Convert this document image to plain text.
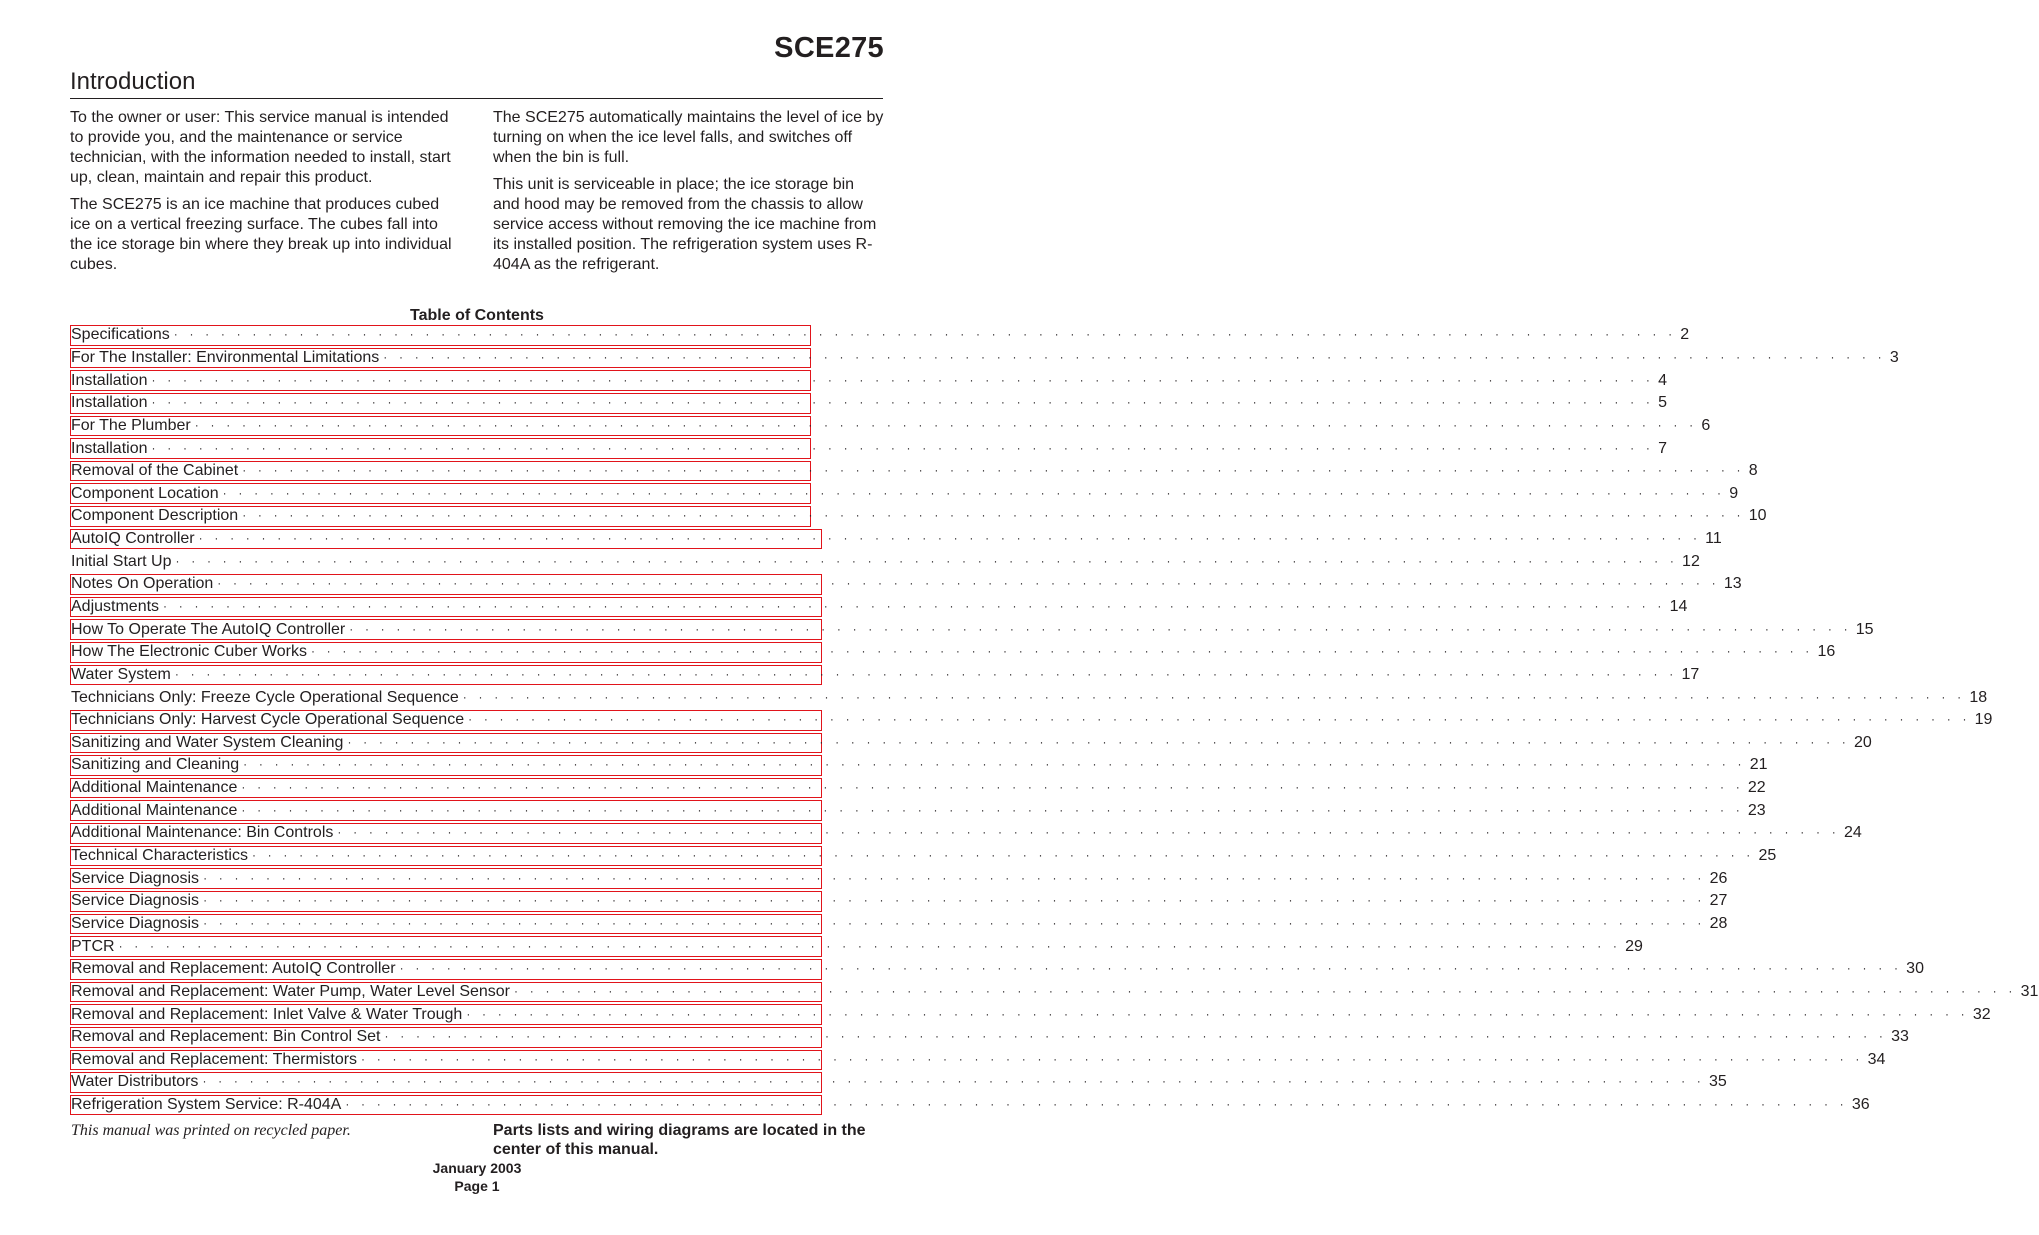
SCE275
Introduction

To the owner or user: This service manual is intended to provide you, and the maintenance or service technician, with the information needed to install, start up, clean, maintain and repair this product.

The SCE275 is an ice machine that produces cubed ice on a vertical freezing surface. The cubes fall into the ice storage bin where they break up into individual cubes.

The SCE275 automatically maintains the level of ice by turning on when the ice level falls, and switches off when the bin is full.

This unit is serviceable in place; the ice storage bin and hood may be removed from the chassis to allow service access without removing the ice machine from its installed position. The refrigeration system uses R-404A as the refrigerant.

Table of Contents
Specifications · · · · · · · · · · · · · · · · · · · · · · · · · · · · · · · · · · · · · · · · · · · · · · · · · · · · · · · · · · · · · · · · · · · · · · · · · · · · · · · · · · · · · · · · · · · · · · · · 2
For The Installer: Environmental Limitations · · · · · · · · · · · · · · · · · · · · · · · · · · · · · · · · · · · · · · · · · · · · · · · · · · · · · · · · · · · · · · · · · · · · · · · · · · · · · · · · · · · · · · · · · · · · · · · · 3
Installation · · · · · · · · · · · · · · · · · · · · · · · · · · · · · · · · · · · · · · · · · · · · · · · · · · · · · · · · · · · · · · · · · · · · · · · · · · · · · · · · · · · · · · · · · · · · · · · · 4
Installation · · · · · · · · · · · · · · · · · · · · · · · · · · · · · · · · · · · · · · · · · · · · · · · · · · · · · · · · · · · · · · · · · · · · · · · · · · · · · · · · · · · · · · · · · · · · · · · · 5
For The Plumber · · · · · · · · · · · · · · · · · · · · · · · · · · · · · · · · · · · · · · · · · · · · · · · · · · · · · · · · · · · · · · · · · · · · · · · · · · · · · · · · · · · · · · · · · · · · · · · · 6
Installation · · · · · · · · · · · · · · · · · · · · · · · · · · · · · · · · · · · · · · · · · · · · · · · · · · · · · · · · · · · · · · · · · · · · · · · · · · · · · · · · · · · · · · · · · · · · · · · · 7
Removal of the Cabinet · · · · · · · · · · · · · · · · · · · · · · · · · · · · · · · · · · · · · · · · · · · · · · · · · · · · · · · · · · · · · · · · · · · · · · · · · · · · · · · · · · · · · · · · · · · · · · · · 8
Component Location · · · · · · · · · · · · · · · · · · · · · · · · · · · · · · · · · · · · · · · · · · · · · · · · · · · · · · · · · · · · · · · · · · · · · · · · · · · · · · · · · · · · · · · · · · · · · · · · 9
Component Description · · · · · · · · · · · · · · · · · · · · · · · · · · · · · · · · · · · · · · · · · · · · · · · · · · · · · · · · · · · · · · · · · · · · · · · · · · · · · · · · · · · · · · · · · · · · · · · · 10
AutoIQ Controller · · · · · · · · · · · · · · · · · · · · · · · · · · · · · · · · · · · · · · · · · · · · · · · · · · · · · · · · · · · · · · · · · · · · · · · · · · · · · · · · · · · · · · · · · · · · · · · · 11
Initial Start Up · · · · · · · · · · · · · · · · · · · · · · · · · · · · · · · · · · · · · · · · · · · · · · · · · · · · · · · · · · · · · · · · · · · · · · · · · · · · · · · · · · · · · · · · · · · · · · · · 12
Notes On Operation · · · · · · · · · · · · · · · · · · · · · · · · · · · · · · · · · · · · · · · · · · · · · · · · · · · · · · · · · · · · · · · · · · · · · · · · · · · · · · · · · · · · · · · · · · · · · · · · 13
Adjustments · · · · · · · · · · · · · · · · · · · · · · · · · · · · · · · · · · · · · · · · · · · · · · · · · · · · · · · · · · · · · · · · · · · · · · · · · · · · · · · · · · · · · · · · · · · · · · · · 14
How To Operate The AutoIQ Controller · · · · · · · · · · · · · · · · · · · · · · · · · · · · · · · · · · · · · · · · · · · · · · · · · · · · · · · · · · · · · · · · · · · · · · · · · · · · · · · · · · · · · · · · · · · · · · · · 15
How The Electronic Cuber Works · · · · · · · · · · · · · · · · · · · · · · · · · · · · · · · · · · · · · · · · · · · · · · · · · · · · · · · · · · · · · · · · · · · · · · · · · · · · · · · · · · · · · · · · · · · · · · · · 16
Water System · · · · · · · · · · · · · · · · · · · · · · · · · · · · · · · · · · · · · · · · · · · · · · · · · · · · · · · · · · · · · · · · · · · · · · · · · · · · · · · · · · · · · · · · · · · · · · · · 17
Technicians Only: Freeze Cycle Operational Sequence · · · · · · · · · · · · · · · · · · · · · · · · · · · · · · · · · · · · · · · · · · · · · · · · · · · · · · · · · · · · · · · · · · · · · · · · · · · · · · · · · · · · · · · · · · · · · · · · 18
Technicians Only: Harvest Cycle Operational Sequence · · · · · · · · · · · · · · · · · · · · · · · · · · · · · · · · · · · · · · · · · · · · · · · · · · · · · · · · · · · · · · · · · · · · · · · · · · · · · · · · · · · · · · · · · · · · · · · · 19
Sanitizing and Water System Cleaning · · · · · · · · · · · · · · · · · · · · · · · · · · · · · · · · · · · · · · · · · · · · · · · · · · · · · · · · · · · · · · · · · · · · · · · · · · · · · · · · · · · · · · · · · · · · · · · · 20
Sanitizing and Cleaning · · · · · · · · · · · · · · · · · · · · · · · · · · · · · · · · · · · · · · · · · · · · · · · · · · · · · · · · · · · · · · · · · · · · · · · · · · · · · · · · · · · · · · · · · · · · · · · · 21
Additional Maintenance · · · · · · · · · · · · · · · · · · · · · · · · · · · · · · · · · · · · · · · · · · · · · · · · · · · · · · · · · · · · · · · · · · · · · · · · · · · · · · · · · · · · · · · · · · · · · · · · 22
Additional Maintenance · · · · · · · · · · · · · · · · · · · · · · · · · · · · · · · · · · · · · · · · · · · · · · · · · · · · · · · · · · · · · · · · · · · · · · · · · · · · · · · · · · · · · · · · · · · · · · · · 23
Additional Maintenance: Bin Controls · · · · · · · · · · · · · · · · · · · · · · · · · · · · · · · · · · · · · · · · · · · · · · · · · · · · · · · · · · · · · · · · · · · · · · · · · · · · · · · · · · · · · · · · · · · · · · · · 24
Technical Characteristics · · · · · · · · · · · · · · · · · · · · · · · · · · · · · · · · · · · · · · · · · · · · · · · · · · · · · · · · · · · · · · · · · · · · · · · · · · · · · · · · · · · · · · · · · · · · · · · · 25
Service Diagnosis · · · · · · · · · · · · · · · · · · · · · · · · · · · · · · · · · · · · · · · · · · · · · · · · · · · · · · · · · · · · · · · · · · · · · · · · · · · · · · · · · · · · · · · · · · · · · · · · 26
Service Diagnosis · · · · · · · · · · · · · · · · · · · · · · · · · · · · · · · · · · · · · · · · · · · · · · · · · · · · · · · · · · · · · · · · · · · · · · · · · · · · · · · · · · · · · · · · · · · · · · · · 27
Service Diagnosis · · · · · · · · · · · · · · · · · · · · · · · · · · · · · · · · · · · · · · · · · · · · · · · · · · · · · · · · · · · · · · · · · · · · · · · · · · · · · · · · · · · · · · · · · · · · · · · · 28
PTCR · · · · · · · · · · · · · · · · · · · · · · · · · · · · · · · · · · · · · · · · · · · · · · · · · · · · · · · · · · · · · · · · · · · · · · · · · · · · · · · · · · · · · · · · · · · · · · · · 29
Removal and Replacement: AutoIQ Controller · · · · · · · · · · · · · · · · · · · · · · · · · · · · · · · · · · · · · · · · · · · · · · · · · · · · · · · · · · · · · · · · · · · · · · · · · · · · · · · · · · · · · · · · · · · · · · · · 30
Removal and Replacement: Water Pump, Water Level Sensor · · · · · · · · · · · · · · · · · · · · · · · · · · · · · · · · · · · · · · · · · · · · · · · · · · · · · · · · · · · · · · · · · · · · · · · · · · · · · · · · · · · · · · · · · · · · · · · · 31
Removal and Replacement: Inlet Valve & Water Trough · · · · · · · · · · · · · · · · · · · · · · · · · · · · · · · · · · · · · · · · · · · · · · · · · · · · · · · · · · · · · · · · · · · · · · · · · · · · · · · · · · · · · · · · · · · · · · · · 32
Removal and Replacement: Bin Control Set · · · · · · · · · · · · · · · · · · · · · · · · · · · · · · · · · · · · · · · · · · · · · · · · · · · · · · · · · · · · · · · · · · · · · · · · · · · · · · · · · · · · · · · · · · · · · · · · 33
Removal and Replacement: Thermistors · · · · · · · · · · · · · · · · · · · · · · · · · · · · · · · · · · · · · · · · · · · · · · · · · · · · · · · · · · · · · · · · · · · · · · · · · · · · · · · · · · · · · · · · · · · · · · · · 34
Water Distributors · · · · · · · · · · · · · · · · · · · · · · · · · · · · · · · · · · · · · · · · · · · · · · · · · · · · · · · · · · · · · · · · · · · · · · · · · · · · · · · · · · · · · · · · · · · · · · · · 35
Refrigeration System Service: R-404A · · · · · · · · · · · · · · · · · · · · · · · · · · · · · · · · · · · · · · · · · · · · · · · · · · · · · · · · · · · · · · · · · · · · · · · · · · · · · · · · · · · · · · · · · · · · · · · · 36
This manual was printed on recycled paper.	Parts lists and wiring diagrams are located in the center of this manual.
January 2003
Page 1
